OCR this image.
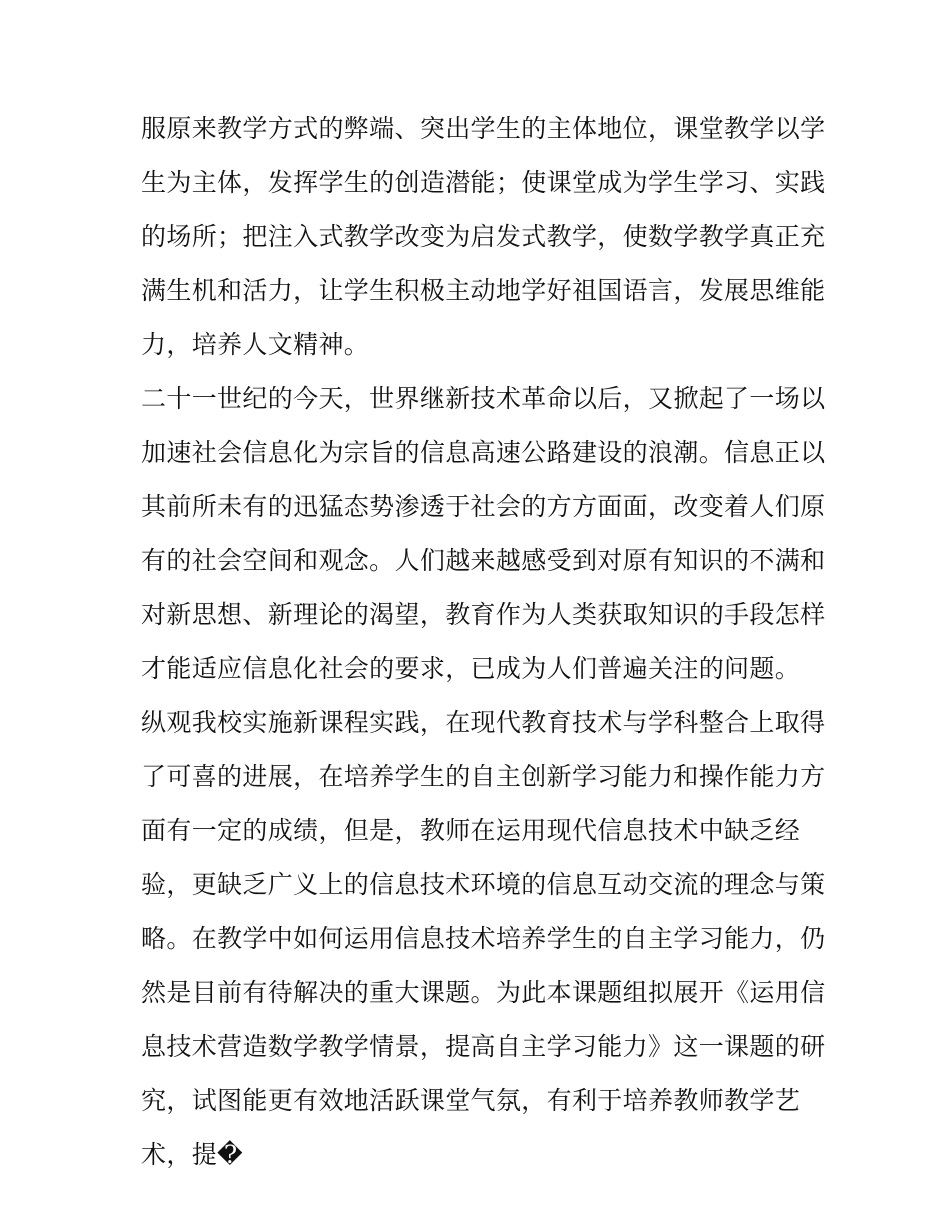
服原来教学方式的弊端、突出学生的主体地位，课堂教学以学
生为主体，发挥学生的创造潜能；使课堂成为学生学习、实践
的场所；把注入式教学改变为启发式教学，使数学教学真正充
满生机和活力，让学生积极主动地学好祖国语言，发展思维能
力，培养人文精神。
二十一世纪的今天，世界继新技术革命以后，又掀起了一场以
加速社会信息化为宗旨的信息高速公路建设的浪潮。信息正以
其前所未有的迅猛态势渗透于社会的方方面面，改变着人们原
有的社会空间和观念。人们越来越感受到对原有知识的不满和
对新思想、新理论的渴望，教育作为人类获取知识的手段怎样
才能适应信息化社会的要求，已成为人们普遍关注的问题。
纵观我校实施新课程实践，在现代教育技术与学科整合上取得
了可喜的进展，在培养学生的自主创新学习能力和操作能力方
面有一定的成绩，但是，教师在运用现代信息技术中缺乏经
验，更缺乏广义上的信息技术环境的信息互动交流的理念与策
略。在教学中如何运用信息技术培养学生的自主学习能力，仍
然是目前有待解决的重大课题。为此本课题组拟展开《运用信
息技术营造数学教学情景，提高自主学习能力》这一课题的研
究，试图能更有效地活跃课堂气氛，有利于培养教师教学艺
术，提�
